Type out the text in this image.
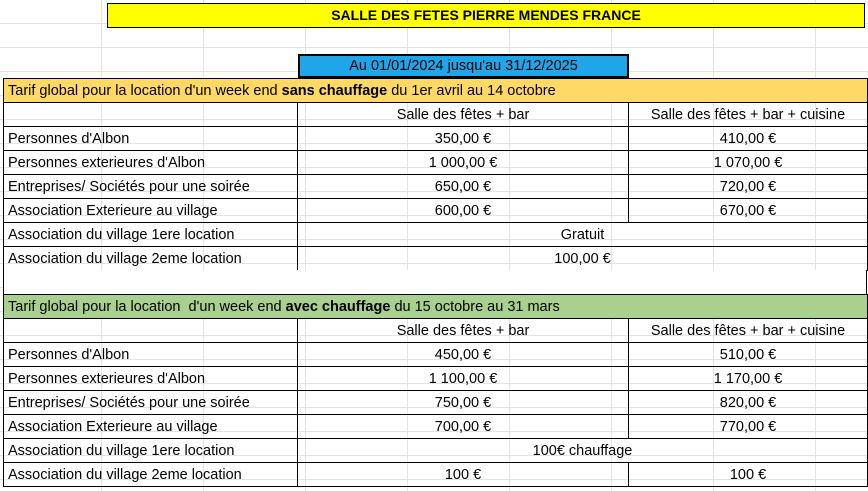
SALLE DES FETES PIERRE MENDES FRANCE
Au 01/01/2024 jusqu'au 31/12/2025
Tarif global pour la location d'un week end sans chauffage du 1er avril au 14 octobre		
	Salle des fêtes + bar	Salle des fêtes + bar + cuisine
Personnes d'Albon	350,00 €	410,00 €
Personnes exterieures d'Albon	1 000,00 €	1 070,00 €
Entreprises/ Sociétés pour une soirée	650,00 €	720,00 €
Association Exterieure au village	600,00 €	670,00 €
Association du village 1ere location	Gratuit	
Association du village 2eme location	100,00 €	
Tarif global pour la location  d'un week end avec chauffage du 15 octobre au 31 mars		
	Salle des fêtes + bar	Salle des fêtes + bar + cuisine
Personnes d'Albon	450,00 €	510,00 €
Personnes exterieures d'Albon	1 100,00 €	1 170,00 €
Entreprises/ Sociétés pour une soirée	750,00 €	820,00 €
Association Exterieure au village	700,00 €	770,00 €
Association du village 1ere location	100€ chauffage	
Association du village 2eme location	100 €	100 €
